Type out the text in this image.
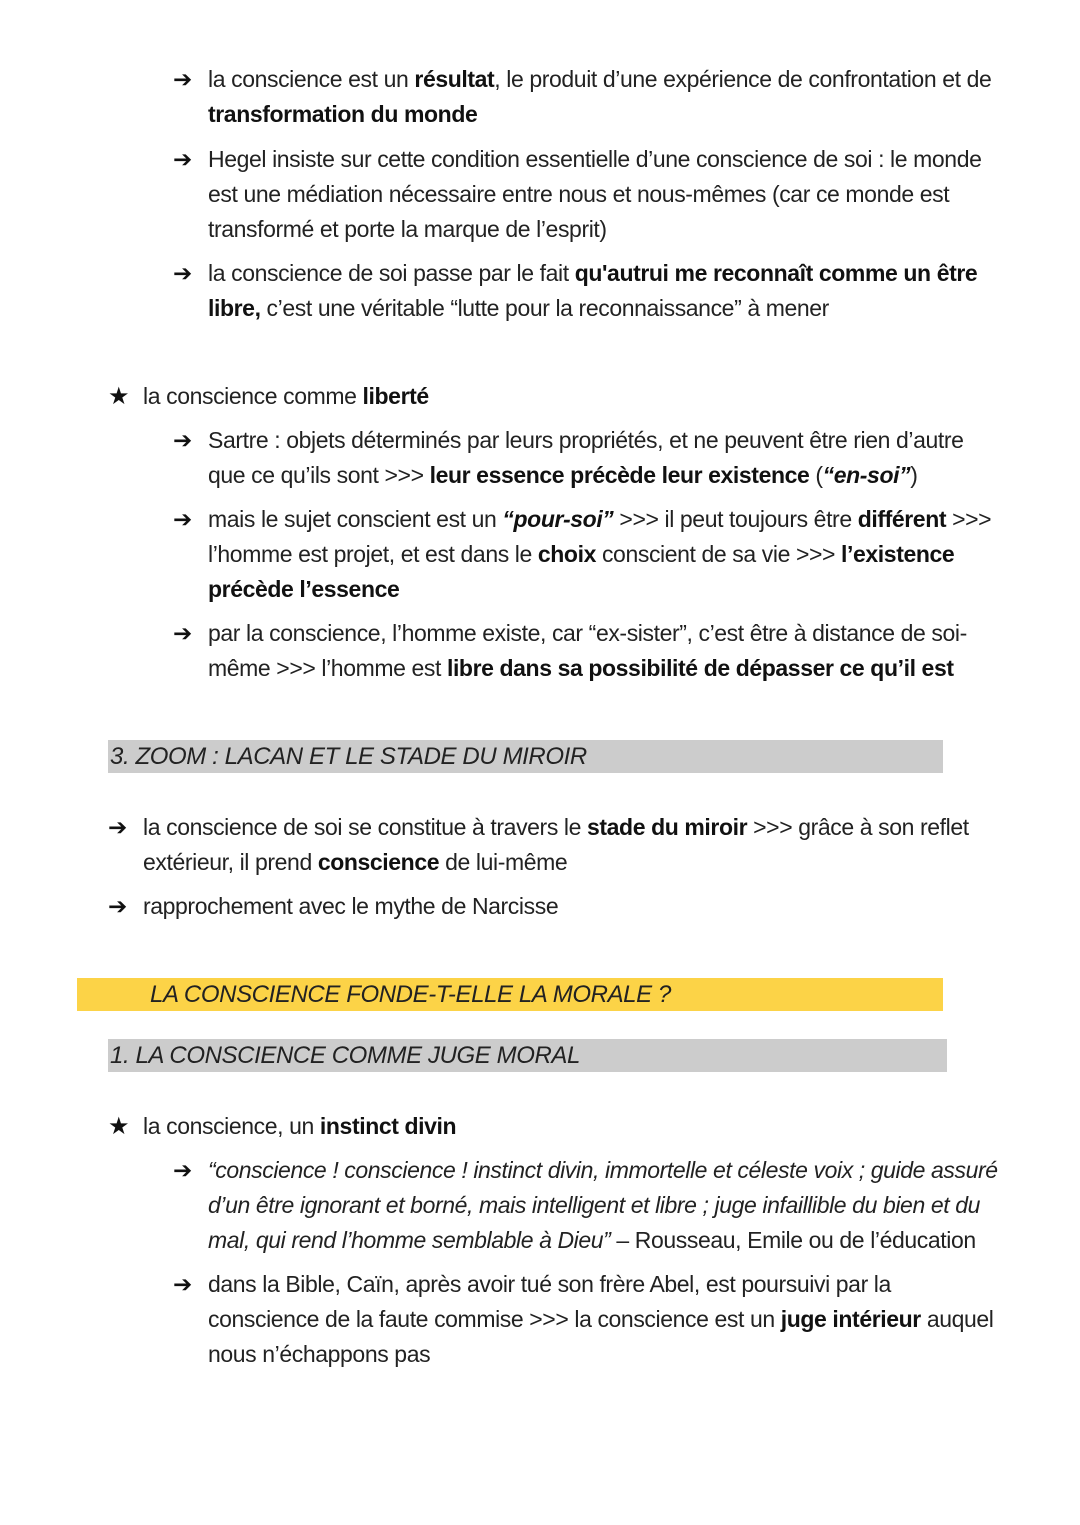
➔ la conscience est un résultat, le produit d’une expérience de confrontation et de transformation du monde
➔ Hegel insiste sur cette condition essentielle d’une conscience de soi : le monde est une médiation nécessaire entre nous et nous-mêmes (car ce monde est transformé et porte la marque de l’esprit)
➔ la conscience de soi passe par le fait qu'autrui me reconnaît comme un être libre, c’est une véritable “lutte pour la reconnaissance” à mener
★ la conscience comme liberté
➔ Sartre : objets déterminés par leurs propriétés, et ne peuvent être rien d’autre que ce qu’ils sont >>> leur essence précède leur existence (“en-soi”)
➔ mais le sujet conscient est un “pour-soi” >>> il peut toujours être différent >>> l’homme est projet, et est dans le choix conscient de sa vie >>> l’existence précède l’essence
➔ par la conscience, l’homme existe, car “ex-sister”, c’est être à distance de soi-même >>> l’homme est libre dans sa possibilité de dépasser ce qu’il est
3. ZOOM : LACAN ET LE STADE DU MIROIR
➔ la conscience de soi se constitue à travers le stade du miroir >>> grâce à son reflet extérieur, il prend conscience de lui-même
➔ rapprochement avec le mythe de Narcisse
LA CONSCIENCE FONDE-T-ELLE LA MORALE ?
1. LA CONSCIENCE COMME JUGE MORAL
★ la conscience, un instinct divin
➔ “conscience ! conscience ! instinct divin, immortelle et céleste voix ; guide assuré d’un être ignorant et borné, mais intelligent et libre ; juge infaillible du bien et du mal, qui rend l’homme semblable à Dieu” – Rousseau, Emile ou de l’éducation
➔ dans la Bible, Caïn, après avoir tué son frère Abel, est poursuivi par la conscience de la faute commise >>> la conscience est un juge intérieur auquel nous n’échappons pas
